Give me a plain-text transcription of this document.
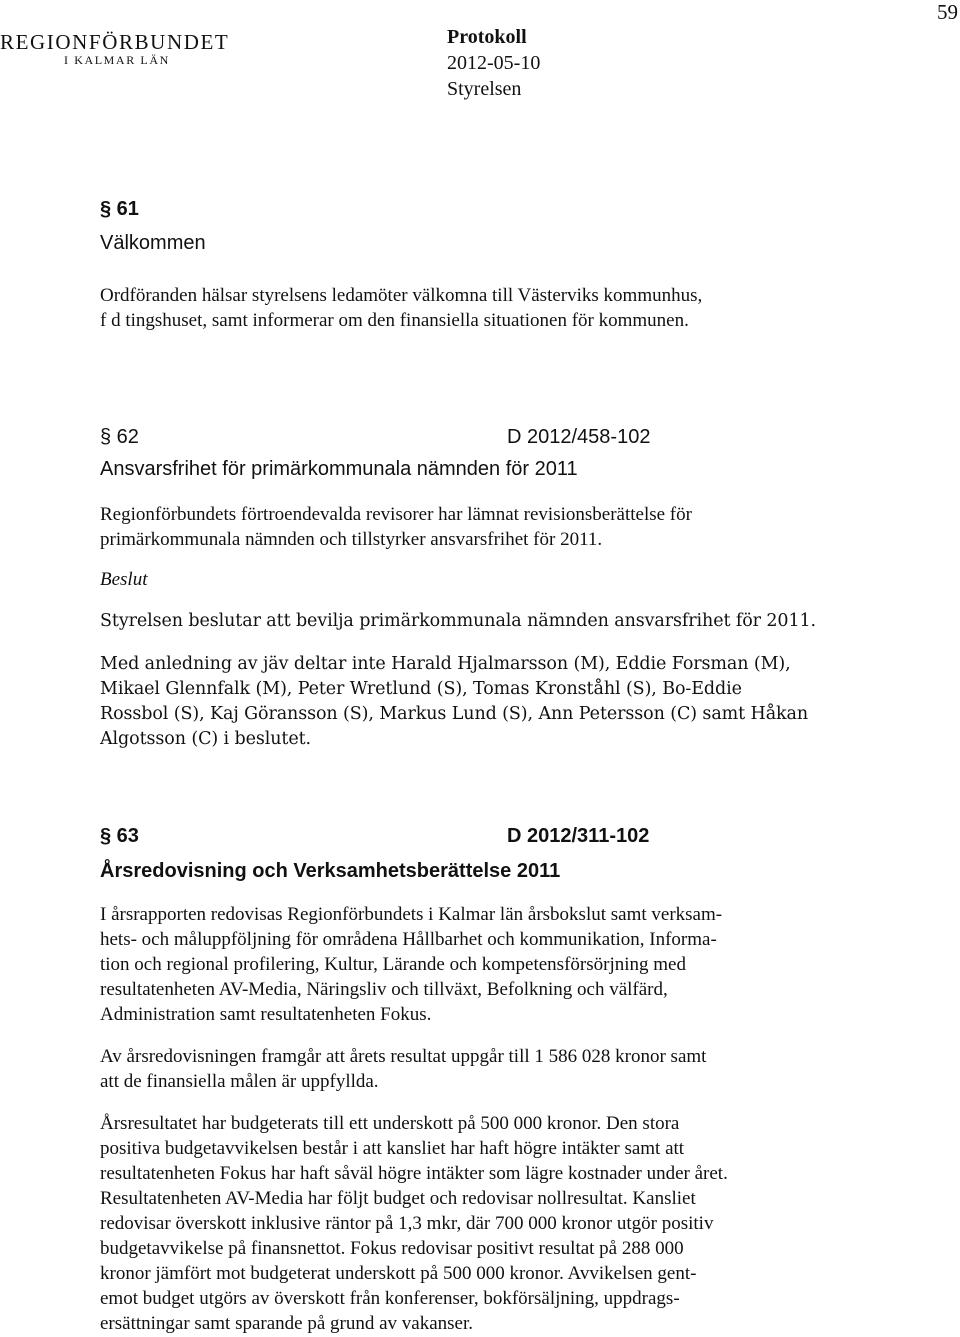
REGIONFÖRBUNDET
I KALMAR LÄN
59
Protokoll
2012-05-10
Styrelsen
§ 61
Välkommen
Ordföranden hälsar styrelsens ledamöter välkomna till Västerviks kommunhus,
f d tingshuset, samt informerar om den finansiella situationen för kommunen.
§ 62	D 2012/458-102
Ansvarsfrihet för primärkommunala nämnden för 2011
Regionförbundets förtroendevalda revisorer har lämnat revisionsberättelse för
primärkommunala nämnden och tillstyrker ansvarsfrihet för 2011.
Beslut
Styrelsen beslutar att bevilja primärkommunala nämnden ansvarsfrihet för 2011.
Med anledning av jäv deltar inte Harald Hjalmarsson (M), Eddie Forsman (M),
Mikael Glennfalk (M), Peter Wretlund (S), Tomas Kronståhl (S), Bo-Eddie
Rossbol (S), Kaj Göransson (S), Markus Lund (S), Ann Petersson (C) samt Håkan
Algotsson (C) i beslutet.
§ 63	D 2012/311-102
Årsredovisning och Verksamhetsberättelse 2011
I årsrapporten redovisas Regionförbundets i Kalmar län årsbokslut samt verksam-
hets- och måluppföljning för områdena Hållbarhet och kommunikation, Informa-
tion och regional profilering, Kultur, Lärande och kompetensförsörjning med
resultatenheten AV-Media, Näringsliv och tillväxt, Befolkning och välfärd,
Administration samt resultatenheten Fokus.
Av årsredovisningen framgår att årets resultat uppgår till 1 586 028 kronor samt
att de finansiella målen är uppfyllda.
Årsresultatet har budgeterats till ett underskott på 500 000 kronor. Den stora
positiva budgetavvikelsen består i att kansliet har haft högre intäkter samt att
resultatenheten Fokus har haft såväl högre intäkter som lägre kostnader under året.
Resultatenheten AV-Media har följt budget och redovisar nollresultat. Kansliet
redovisar överskott inklusive räntor på 1,3 mkr, där 700 000 kronor utgör positiv
budgetavvikelse på finansnettot. Fokus redovisar positivt resultat på 288 000
kronor jämfört mot budgeterat underskott på 500 000 kronor. Avvikelsen gent-
emot budget utgörs av överskott från konferenser, bokförsäljning, uppdrags-
ersättningar samt sparande på grund av vakanser.
